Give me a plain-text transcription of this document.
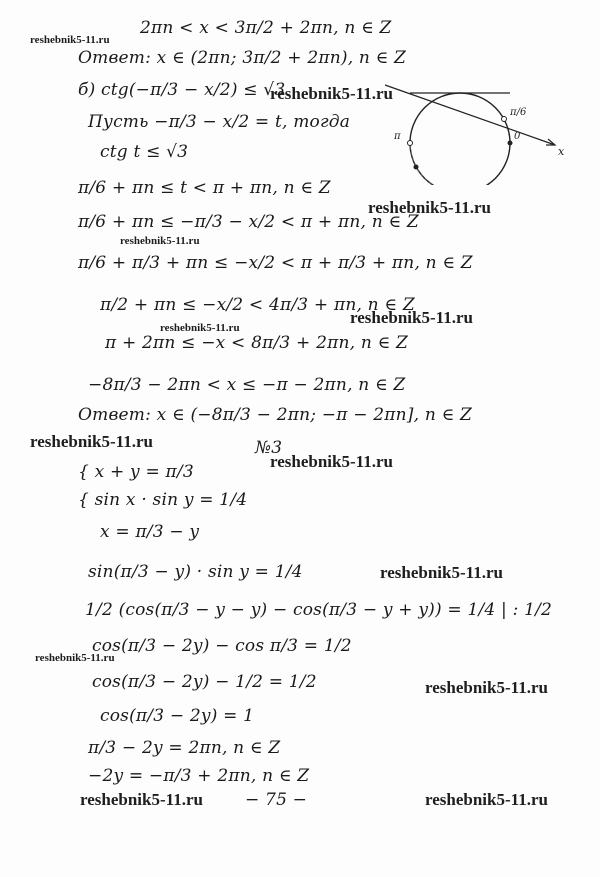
2πn < x < 3π/2 + 2πn, n ∈ Z
Ответ: x ∈ (2πn; 3π/2 + 2πn), n ∈ Z
б) ctg(−π/3 − x/2) ≤ √3
Пусть −π/3 − x/2 = t, тогда
ctg t ≤ √3
π/6 + πn ≤ t < π + πn, n ∈ Z
π/6 + πn ≤ −π/3 − x/2 < π + πn, n ∈ Z
π/6 + π/3 + πn ≤ −x/2 < π + π/3 + πn, n ∈ Z
π/2 + πn ≤ −x/2 < 4π/3 + πn, n ∈ Z
π + 2πn ≤ −x < 8π/3 + 2πn, n ∈ Z
−8π/3 − 2πn < x ≤ −π − 2πn, n ∈ Z
Ответ: x ∈ (−8π/3 − 2πn; −π − 2πn], n ∈ Z
№3
{ x + y = π/3
{ sin x · sin y = 1/4
x = π/3 − y
sin(π/3 − y) · sin y = 1/4
1/2 (cos(π/3 − y − y) − cos(π/3 − y + y)) = 1/4 | : 1/2
cos(π/3 − 2y) − cos π/3 = 1/2
cos(π/3 − 2y) − 1/2 = 1/2
cos(π/3 − 2y) = 1
π/3 − 2y = 2πn, n ∈ Z
−2y = −π/3 + 2πn, n ∈ Z
− 75 −
x
π/6
0
π
reshebnik5-11.ru
reshebnik5-11.ru
reshebnik5-11.ru
reshebnik5-11.ru
reshebnik5-11.ru
reshebnik5-11.ru
reshebnik5-11.ru
reshebnik5-11.ru
reshebnik5-11.ru
reshebnik5-11.ru
reshebnik5-11.ru
reshebnik5-11.ru	reshebnik5-11.ru
